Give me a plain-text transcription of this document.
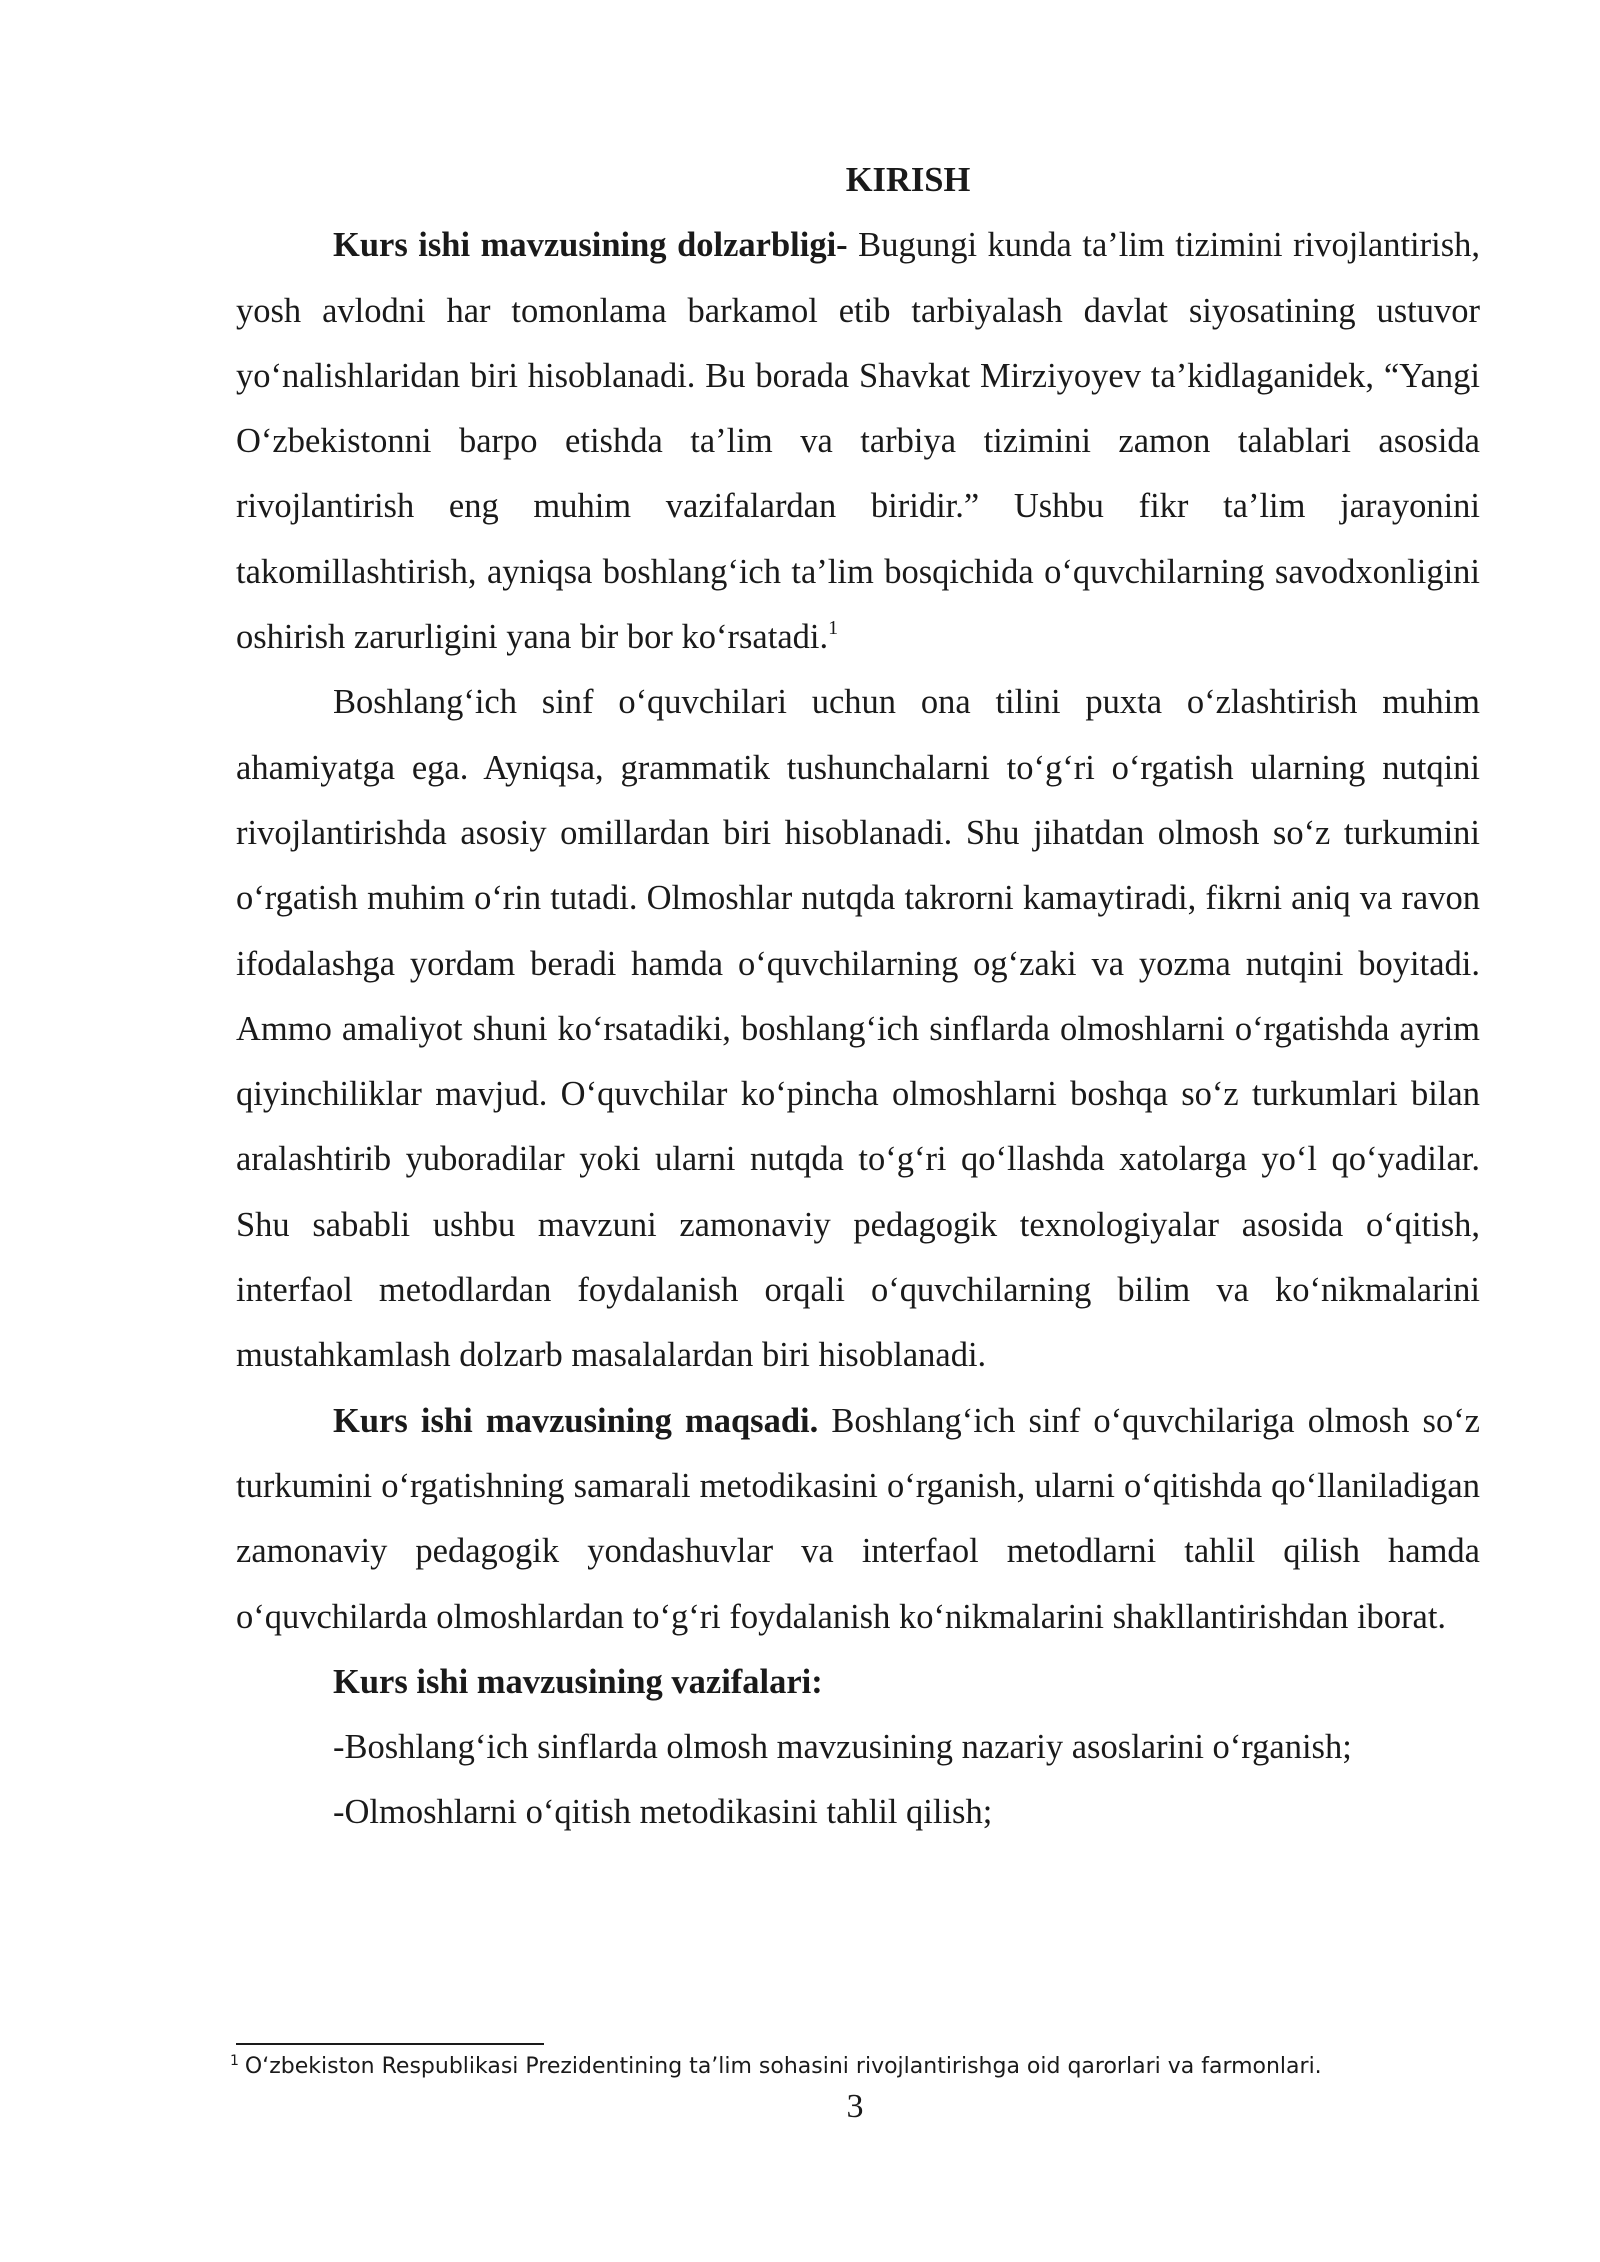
KIRISH

Kurs ishi mavzusining dolzarbligi- Bugungi kunda ta’lim tizimini rivojlantirish, yosh avlodni har tomonlama barkamol etib tarbiyalash davlat siyosatining ustuvor yo‘nalishlaridan biri hisoblanadi. Bu borada Shavkat Mirziyoyev ta’kidlaganidek, “Yangi O‘zbekistonni barpo etishda ta’lim va tarbiya tizimini zamon talablari asosida rivojlantirish eng muhim vazifalardan biridir.” Ushbu fikr ta’lim jarayonini takomillashtirish, ayniqsa boshlang‘ich ta’lim bosqichida o‘quvchilarning savodxonligini oshirish zarurligini yana bir bor ko‘rsatadi.$^1$

Boshlang‘ich sinf o‘quvchilari uchun ona tilini puxta o‘zlashtirish muhim ahamiyatga ega. Ayniqsa, grammatik tushunchalarni to‘g‘ri o‘rgatish ularning nutqini rivojlantirishda asosiy omillardan biri hisoblanadi. Shu jihatdan olmosh so‘z turkumini o‘rgatish muhim o‘rin tutadi. Olmoshlar nutqda takrorni kamaytiradi, fikrni aniq va ravon ifodalashga yordam beradi hamda o‘quvchilarning og‘zaki va yozma nutqini boyitadi. Ammo amaliyot shuni ko‘rsatadiki, boshlang‘ich sinflarda olmoshlarni o‘rgatishda ayrim qiyinchiliklar mavjud. O‘quvchilar ko‘pincha olmoshlarni boshqa so‘z turkumlari bilan aralashtirib yuboradilar yoki ularni nutqda to‘g‘ri qo‘llashda xatolarga yo‘l qo‘yadilar. Shu sababli ushbu mavzuni zamonaviy pedagogik texnologiyalar asosida o‘qitish, interfaol metodlardan foydalanish orqali o‘quvchilarning bilim va ko‘nikmalarini mustahkamlash dolzarb masalalardan biri hisoblanadi.

Kurs ishi mavzusining maqsadi. Boshlang‘ich sinf o‘quvchilariga olmosh so‘z turkumini o‘rgatishning samarali metodikasini o‘rganish, ularni o‘qitishda qo‘llaniladigan zamonaviy pedagogik yondashuvlar va interfaol metodlarni tahlil qilish hamda o‘quvchilarda olmoshlardan to‘g‘ri foydalanish ko‘nikmalarini shakllantirishdan iborat.

Kurs ishi mavzusining vazifalari:

-Boshlang‘ich sinflarda olmosh mavzusining nazariy asoslarini o‘rganish;

-Olmoshlarni o‘qitish metodikasini tahlil qilish;

$^1$ O‘zbekiston Respublikasi Prezidentining ta’lim sohasini rivojlantirishga oid qarorlari va farmonlari.
3
